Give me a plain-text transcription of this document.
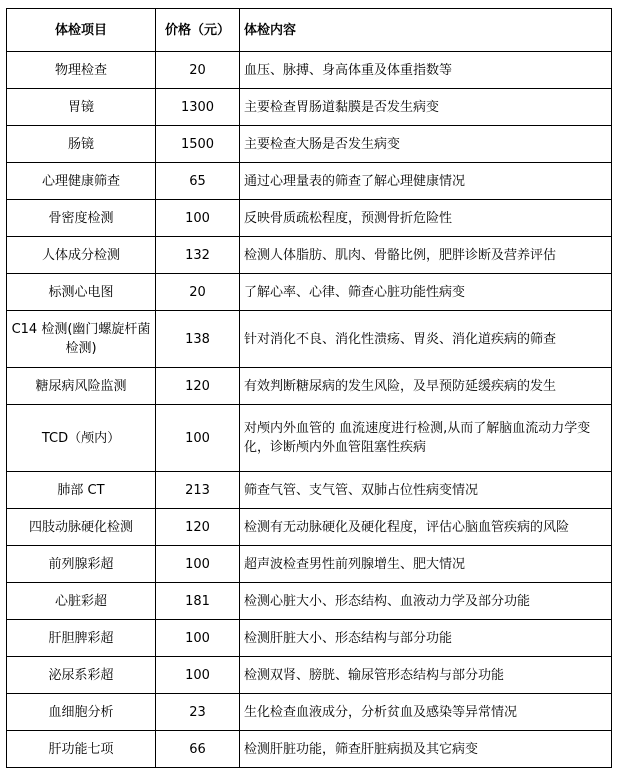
体检项目	价格（元）	体检内容
物理检查	20	血压、脉搏、身高体重及体重指数等
胃镜	1300	主要检查胃肠道黏膜是否发生病变
肠镜	1500	主要检查大肠是否发生病变
心理健康筛查	65	通过心理量表的筛查了解心理健康情况
骨密度检测	100	反映骨质疏松程度，预测骨折危险性
人体成分检测	132	检测人体脂肪、肌肉、骨骼比例，肥胖诊断及营养评估
标测心电图	20	了解心率、心律、筛查心脏功能性病变
C14 检测(幽门螺旋杆菌检测)	138	针对消化不良、消化性溃疡、胃炎、消化道疾病的筛查
糖尿病风险监测	120	有效判断糖尿病的发生风险，及早预防延缓疾病的发生
TCD（颅内）	100	对颅内外血管的 血流速度进行检测,从而了解脑血流动力学变化，诊断颅内外血管阻塞性疾病
肺部 CT	213	筛查气管、支气管、双肺占位性病变情况
四肢动脉硬化检测	120	检测有无动脉硬化及硬化程度，评估心脑血管疾病的风险
前列腺彩超	100	超声波检查男性前列腺增生、肥大情况
心脏彩超	181	检测心脏大小、形态结构、血液动力学及部分功能
肝胆脾彩超	100	检测肝脏大小、形态结构与部分功能
泌尿系彩超	100	检测双肾、膀胱、输尿管形态结构与部分功能
血细胞分析	23	生化检查血液成分，分析贫血及感染等异常情况
肝功能七项	66	检测肝脏功能，筛查肝脏病损及其它病变
